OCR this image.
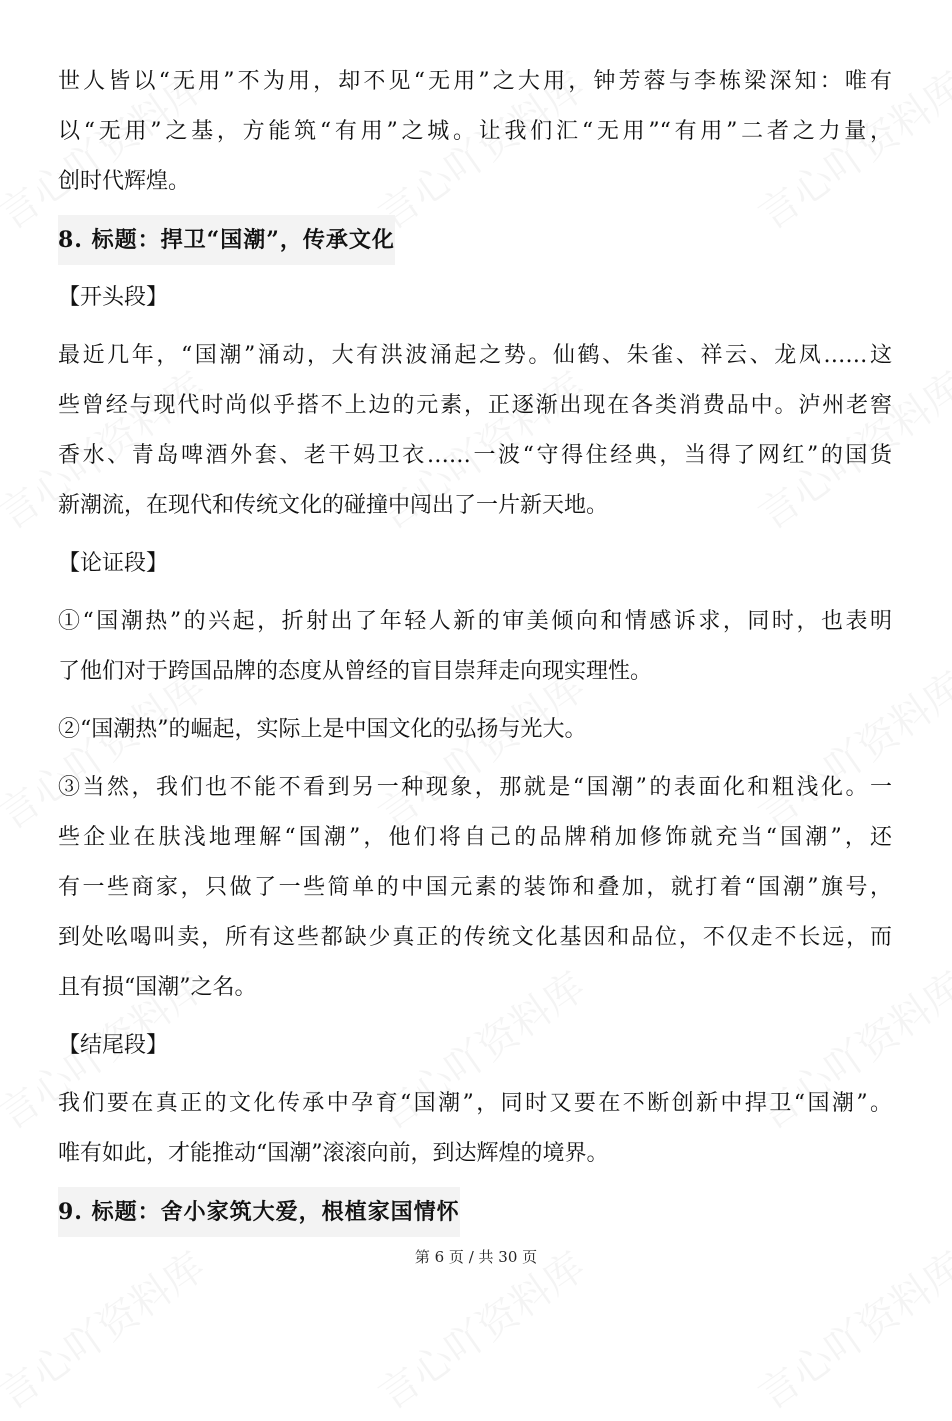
世人皆以“无用”不为用，却不见“无用”之大用，钟芳蓉与李栋梁深知：唯有
以“无用”之基，方能筑“有用”之城。让我们汇“无用”“有用”二者之力量，
创时代辉煌。
8. 标题：捍卫“国潮”，传承文化
【开头段】
最近几年，“国潮”涌动，大有洪波涌起之势。仙鹤、朱雀、祥云、龙凤……这
些曾经与现代时尚似乎搭不上边的元素，正逐渐出现在各类消费品中。泸州老窖
香水、青岛啤酒外套、老干妈卫衣……一波“守得住经典，当得了网红”的国货
新潮流，在现代和传统文化的碰撞中闯出了一片新天地。
【论证段】
①“国潮热”的兴起，折射出了年轻人新的审美倾向和情感诉求，同时，也表明
了他们对于跨国品牌的态度从曾经的盲目崇拜走向现实理性。
②“国潮热”的崛起，实际上是中国文化的弘扬与光大。
③当然，我们也不能不看到另一种现象，那就是“国潮”的表面化和粗浅化。一
些企业在肤浅地理解“国潮”，他们将自己的品牌稍加修饰就充当“国潮”，还
有一些商家，只做了一些简单的中国元素的装饰和叠加，就打着“国潮”旗号，
到处吆喝叫卖，所有这些都缺少真正的传统文化基因和品位，不仅走不长远，而
且有损“国潮”之名。
【结尾段】
我们要在真正的文化传承中孕育“国潮”，同时又要在不断创新中捍卫“国潮”。
唯有如此，才能推动“国潮”滚滚向前，到达辉煌的境界。
9. 标题：舍小家筑大爱，根植家国情怀
第 6 页 / 共 30 页
